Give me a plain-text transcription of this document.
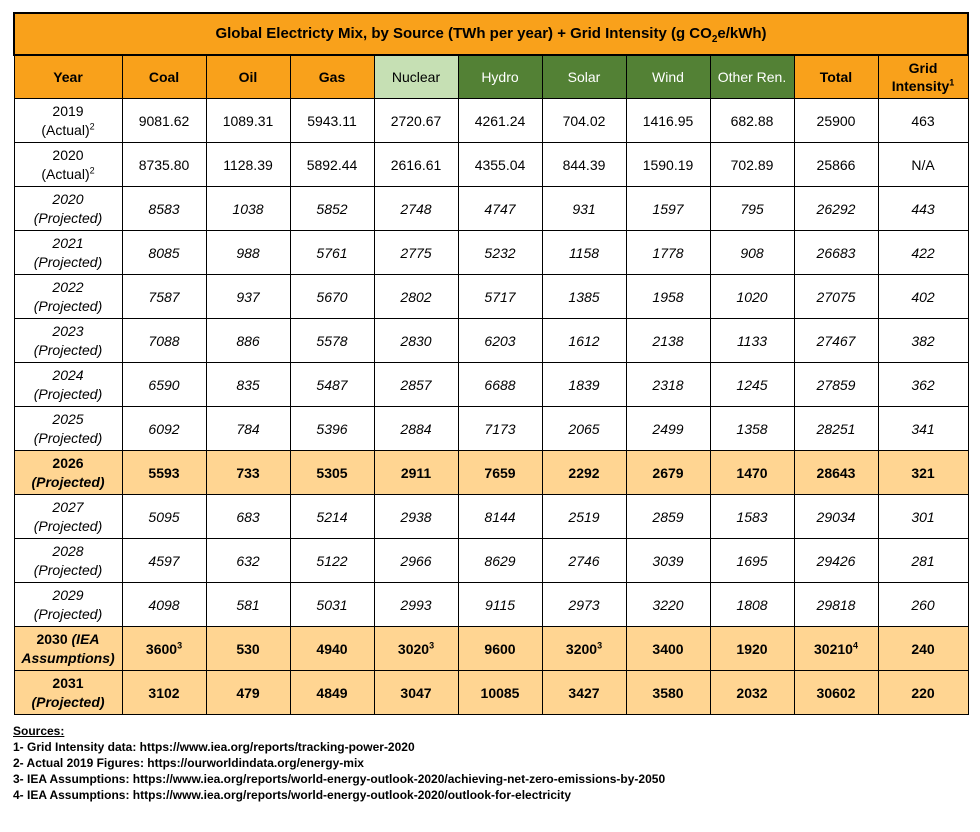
Global Electricty Mix, by Source (TWh per year) + Grid Intensity (g $CO_2e/kWh$)										
Year	Coal	Oil	Gas	Nuclear	Hydro	Solar	Wind	Other Ren.	Total	Grid Intensity$^1$

2019
(Actual)$^2$	9081.62	1089.31	5943.11	2720.67	4261.24	704.02	1416.95	682.88	25900	463

2020
(Actual)$^2$	8735.80	1128.39	5892.44	2616.61	4355.04	844.39	1590.19	702.89	25866	N/A

2020
(Projected)	8583	1038	5852	2748	4747	931	1597	795	26292	443

2021
(Projected)	8085	988	5761	2775	5232	1158	1778	908	26683	422

2022
(Projected)	7587	937	5670	2802	5717	1385	1958	1020	27075	402

2023
(Projected)	7088	886	5578	2830	6203	1612	2138	1133	27467	382

2024
(Projected)	6590	835	5487	2857	6688	1839	2318	1245	27859	362

2025
(Projected)	6092	784	5396	2884	7173	2065	2499	1358	28251	341

2026
(Projected)	5593	733	5305	2911	7659	2292	2679	1470	28643	321

2027
(Projected)	5095	683	5214	2938	8144	2519	2859	1583	29034	301

2028
(Projected)	4597	632	5122	2966	8629	2746	3039	1695	29426	281

2029
(Projected)	4098	581	5031	2993	9115	2973	3220	1808	29818	260

2030 (IEA
Assumptions)	3600$^3$	530	4940	3020$^3$	9600	3200$^3$	3400	1920	30210$^4$	240

2031
(Projected)	3102	479	4849	3047	10085	3427	3580	2032	30602	220
Sources:
1- Grid Intensity data: https://www.iea.org/reports/tracking-power-2020
2- Actual 2019 Figures: https://ourworldindata.org/energy-mix
3- IEA Assumptions: https://www.iea.org/reports/world-energy-outlook-2020/achieving-net-zero-emissions-by-2050
4- IEA Assumptions: https://www.iea.org/reports/world-energy-outlook-2020/outlook-for-electricity
